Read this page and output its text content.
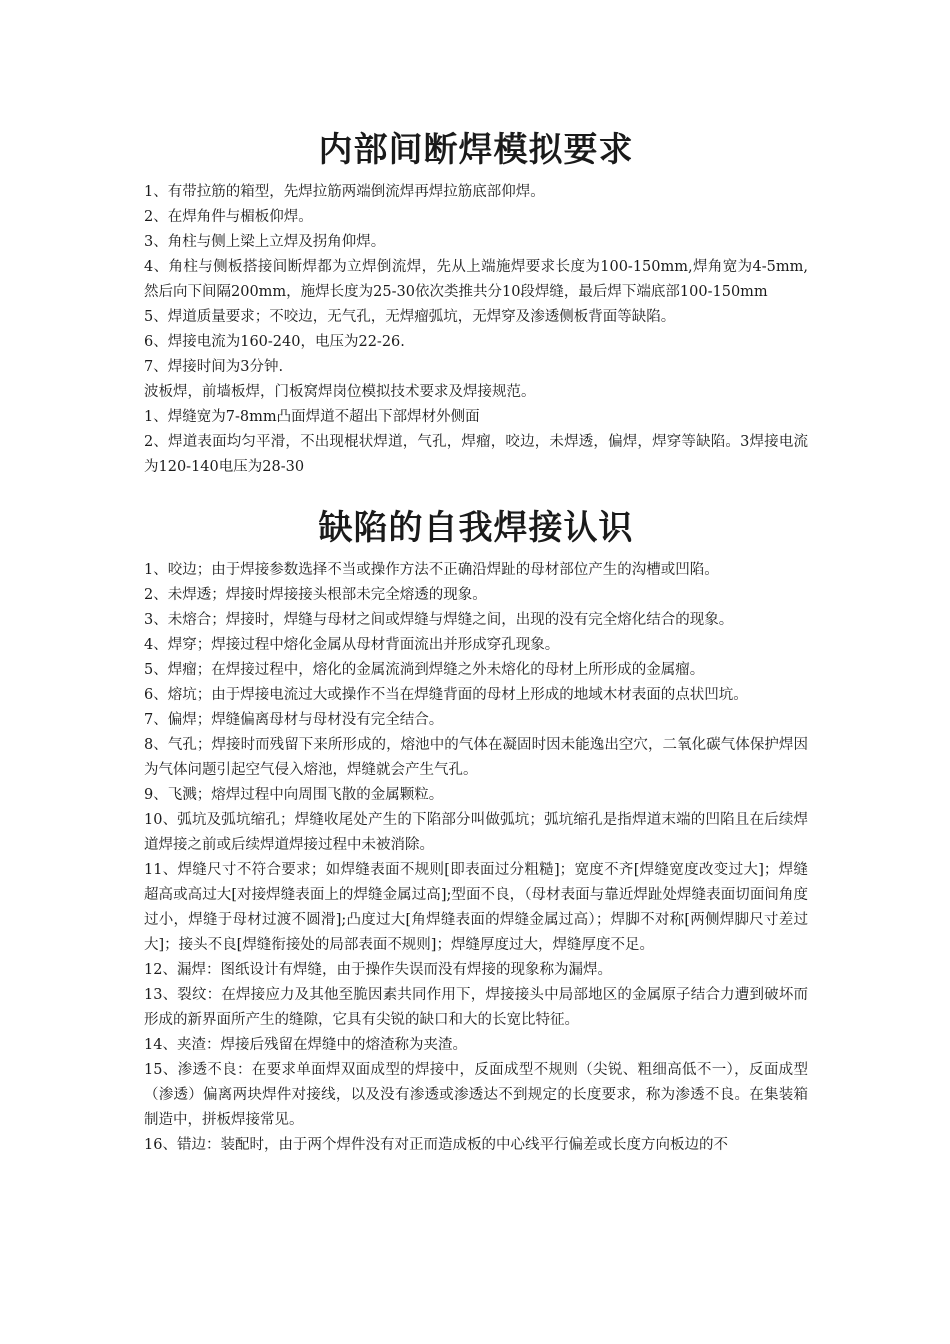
内部间断焊模拟要求

1、有带拉筋的箱型，先焊拉筋两端倒流焊再焊拉筋底部仰焊。

2、在焊角件与楣板仰焊。

3、角柱与侧上梁上立焊及拐角仰焊。

4、角柱与侧板搭接间断焊都为立焊倒流焊，先从上端施焊要求长度为100-150mm,焊角宽为4-5mm,然后向下间隔200mm，施焊长度为25-30依次类推共分10段焊缝，最后焊下端底部100-150mm

5、焊道质量要求；不咬边，无气孔，无焊瘤弧坑，无焊穿及渗透侧板背面等缺陷。

6、焊接电流为160-240，电压为22-26.

7、焊接时间为3分钟.

波板焊，前墙板焊，门板窝焊岗位模拟技术要求及焊接规范。

1、焊缝宽为7-8mm凸面焊道不超出下部焊材外侧面

2、焊道表面均匀平滑，不出现棍状焊道，气孔，焊瘤，咬边，未焊透，偏焊，焊穿等缺陷。3焊接电流为120-140电压为28-30

缺陷的自我焊接认识

1、咬边；由于焊接参数选择不当或操作方法不正确沿焊趾的母材部位产生的沟槽或凹陷。

2、未焊透；焊接时焊接接头根部未完全熔透的现象。

3、未熔合；焊接时，焊缝与母材之间或焊缝与焊缝之间，出现的没有完全熔化结合的现象。

4、焊穿；焊接过程中熔化金属从母材背面流出并形成穿孔现象。

5、焊瘤；在焊接过程中，熔化的金属流淌到焊缝之外未熔化的母材上所形成的金属瘤。

6、熔坑；由于焊接电流过大或操作不当在焊缝背面的母材上形成的地域木材表面的点状凹坑。

7、偏焊；焊缝偏离母材与母材没有完全结合。

8、气孔；焊接时而残留下来所形成的，熔池中的气体在凝固时因未能逸出空穴，二氧化碳气体保护焊因为气体问题引起空气侵入熔池，焊缝就会产生气孔。

9、飞溅；熔焊过程中向周围飞散的金属颗粒。

10、弧坑及弧坑缩孔；焊缝收尾处产生的下陷部分叫做弧坑；弧坑缩孔是指焊道末端的凹陷且在后续焊道焊接之前或后续焊道焊接过程中未被消除。

11、焊缝尺寸不符合要求；如焊缝表面不规则[即表面过分粗糙]；宽度不齐[焊缝宽度改变过大]；焊缝超高或高过大[对接焊缝表面上的焊缝金属过高];型面不良，（母材表面与靠近焊趾处焊缝表面切面间角度过小，焊缝于母材过渡不圆滑];凸度过大[角焊缝表面的焊缝金属过高）；焊脚不对称[两侧焊脚尺寸差过大]；接头不良[焊缝衔接处的局部表面不规则]；焊缝厚度过大，焊缝厚度不足。

12、漏焊：图纸设计有焊缝，由于操作失误而没有焊接的现象称为漏焊。

13、裂纹：在焊接应力及其他至脆因素共同作用下，焊接接头中局部地区的金属原子结合力遭到破坏而形成的新界面所产生的缝隙，它具有尖锐的缺口和大的长宽比特征。

14、夹渣：焊接后残留在焊缝中的熔渣称为夹渣。

15、渗透不良：在要求单面焊双面成型的焊接中，反面成型不规则（尖锐、粗细高低不一），反面成型（渗透）偏离两块焊件对接线，以及没有渗透或渗透达不到规定的长度要求，称为渗透不良。在集装箱制造中，拼板焊接常见。

16、错边：装配时，由于两个焊件没有对正而造成板的中心线平行偏差或长度方向板边的不
